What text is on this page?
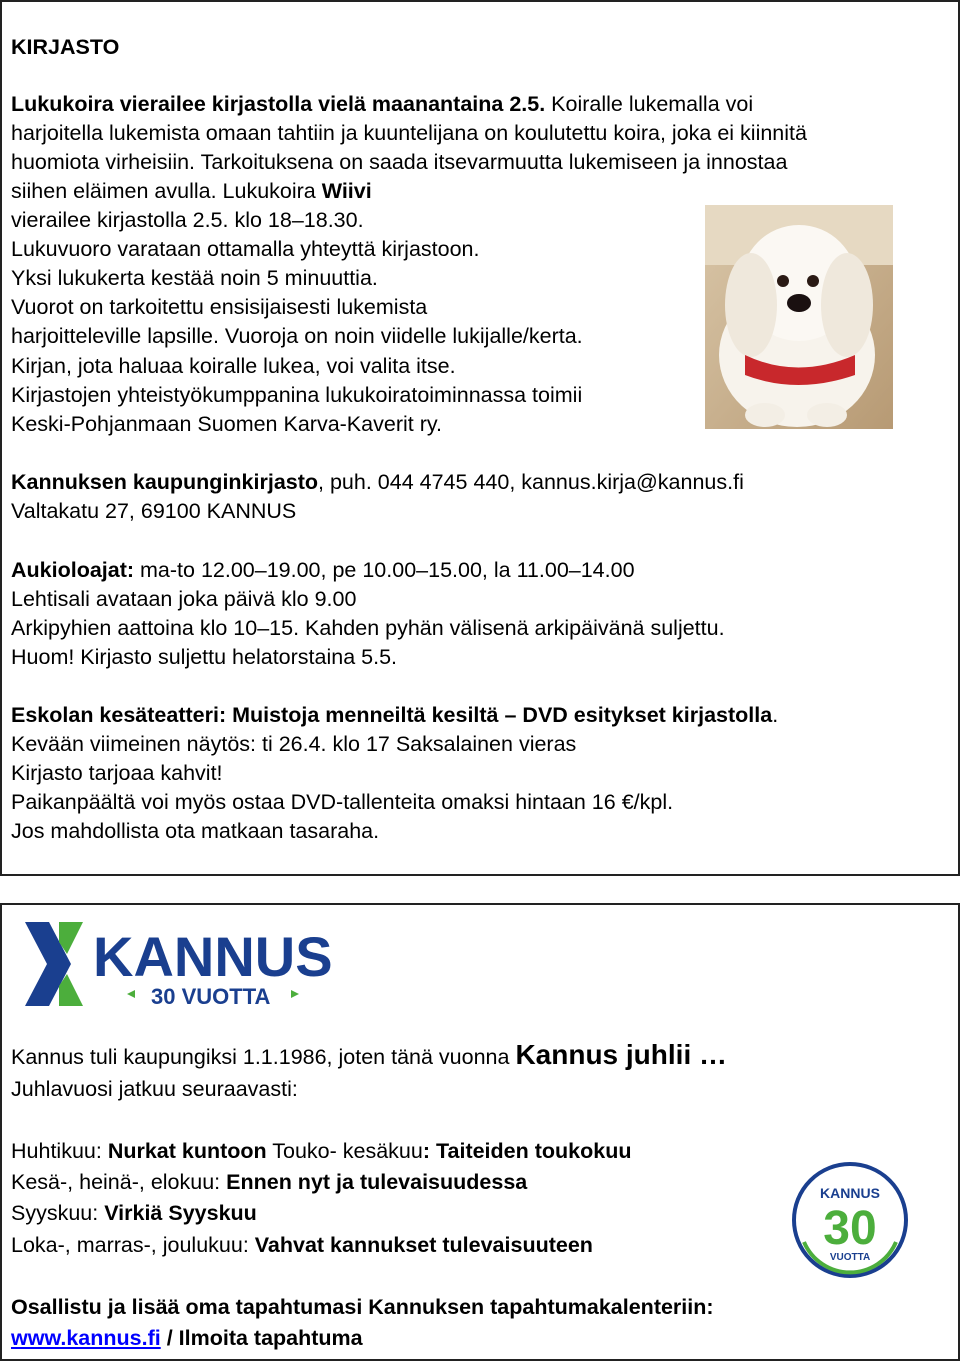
KIRJASTO
Lukukoira vierailee kirjastolla vielä maanantaina 2.5. Koiralle lukemalla voi
harjoitella lukemista omaan tahtiin ja kuuntelijana on koulutettu koira, joka ei kiinnitä
huomiota virheisiin. Tarkoituksena on saada itsevarmuutta lukemiseen ja innostaa
siihen eläimen avulla. Lukukoira Wiivi
vierailee kirjastolla 2.5. klo 18–18.30.
Lukuvuoro varataan ottamalla yhteyttä kirjastoon.
Yksi lukukerta kestää noin 5 minuuttia.
Vuorot on tarkoitettu ensisijaisesti lukemista
harjoitteleville lapsille. Vuoroja on noin viidelle lukijalle/kerta.
Kirjan, jota haluaa koiralle lukea, voi valita itse.
Kirjastojen yhteistyökumppanina lukukoiratoiminnassa toimii
Keski-Pohjanmaan Suomen Karva-Kaverit ry.
Kannuksen kaupunginkirjasto, puh. 044 4745 440, kannus.kirja@kannus.fi
Valtakatu 27, 69100 KANNUS
Aukioloajat: ma-to 12.00–19.00, pe 10.00–15.00, la 11.00–14.00
Lehtisali avataan joka päivä klo 9.00
Arkipyhien aattoina klo 10–15. Kahden pyhän välisenä arkipäivänä suljettu.
Huom! Kirjasto suljettu helatorstaina 5.5.
Eskolan kesäteatteri: Muistoja menneiltä kesiltä – DVD esitykset kirjastolla.
Kevään viimeinen näytös: ti 26.4. klo 17 Saksalainen vieras
Kirjasto tarjoaa kahvit!
Paikanpäältä voi myös ostaa DVD-tallenteita omaksi hintaan 16 €/kpl.
Jos mahdollista ota matkaan tasaraha.
KANNUS
30 VUOTTA
Kannus tuli kaupungiksi 1.1.1986, joten tänä vuonna Kannus juhlii …
Juhlavuosi jatkuu seuraavasti:
Huhtikuu: Nurkat kuntoon Touko- kesäkuu: Taiteiden toukokuu
Kesä-, heinä-, elokuu: Ennen nyt ja tulevaisuudessa
Syyskuu: Virkiä Syyskuu
Loka-, marras-, joulukuu: Vahvat kannukset tulevaisuuteen
KANNUS
30
VUOTTA
Osallistu ja lisää oma tapahtumasi Kannuksen tapahtumakalenteriin:
www.kannus.fi / Ilmoita tapahtuma
